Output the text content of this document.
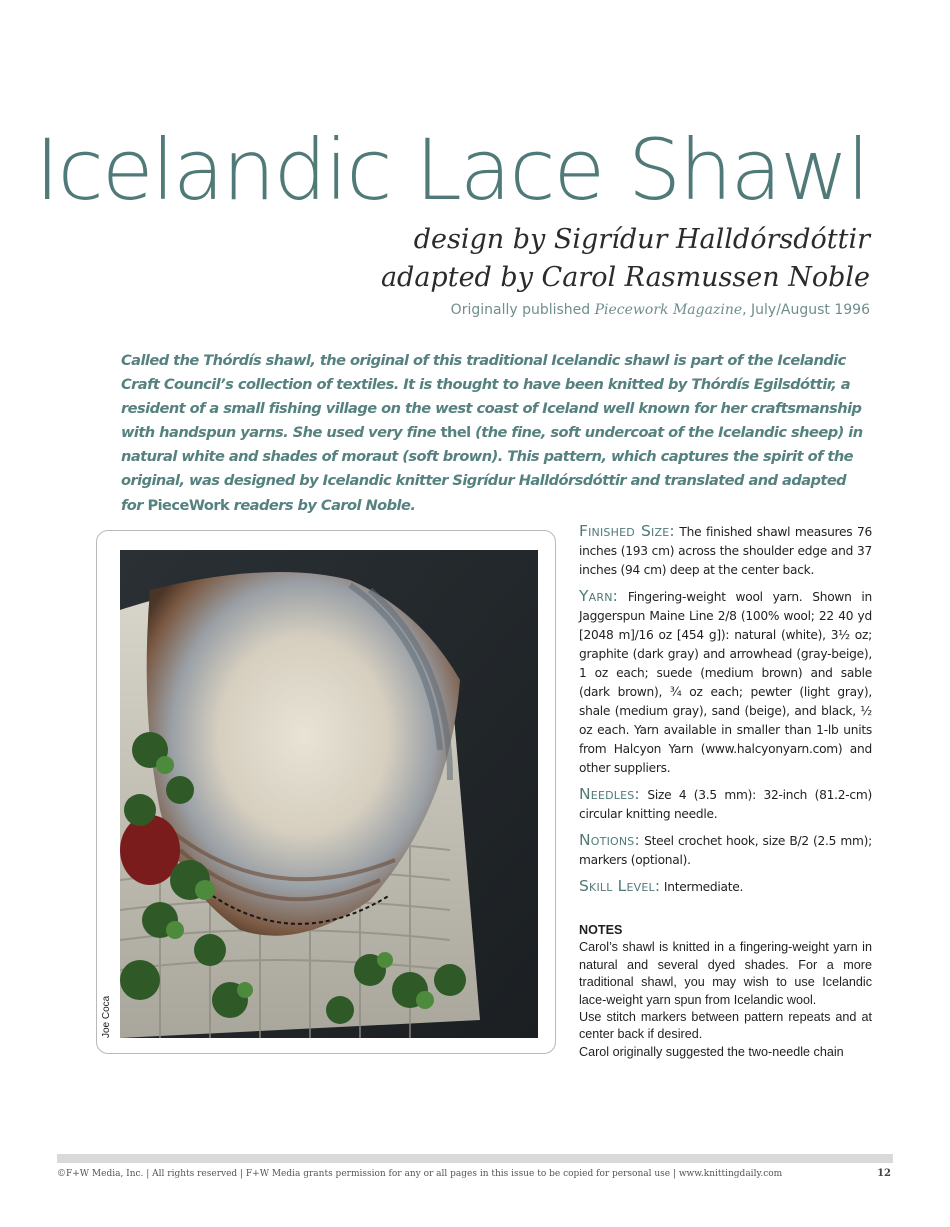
Icelandic Lace Shawl

design by Sigrídur Halldórsdóttir

adapted by Carol Rasmussen Noble

Originally published Piecework Magazine, July/August 1996

Called the Thórdís shawl, the original of this traditional Icelandic shawl is part of the Icelandic Craft Council’s collection of textiles. It is thought to have been knitted by Thórdís Egilsdóttir, a resident of a small fishing village on the west coast of Iceland well known for her craftsmanship with handspun yarns. She used very fine thel (the fine, soft undercoat of the Icelandic sheep) in natural white and shades of moraut (soft brown). This pattern, which captures the spirit of the original, was designed by Icelandic knitter Sigrídur Halldórsdóttir and translated and adapted for PieceWork readers by Carol Noble.

Joe Coca

Finished Size: The finished shawl measures 76 inches (193 cm) across the shoulder edge and 37 inches (94 cm) deep at the center back.

Yarn: Fingering-weight wool yarn. Shown in Jaggerspun Maine Line 2/8 (100% wool; 22 40 yd [2048 m]/16 oz [454 g]): natural (white), 3½ oz; graphite (dark gray) and arrowhead (gray-beige), 1 oz each; suede (medium brown) and sable (dark brown), ¾ oz each; pewter (light gray), shale (medium gray), sand (beige), and black, ½ oz each. Yarn available in smaller than 1-lb units from Halcyon Yarn (www.halcyonyarn.com) and other suppliers.

Needles: Size 4 (3.5 mm): 32-inch (81.2-cm) circular knitting needle.

Notions: Steel crochet hook, size B/2 (2.5 mm); markers (optional).

Skill Level: Intermediate.

NOTES

Carol’s shawl is knitted in a fingering-weight yarn in natural and several dyed shades. For a more traditional shawl, you may wish to use Icelandic lace-weight yarn spun from Icelandic wool.

Use stitch markers between pattern repeats and at center back if desired.

Carol originally suggested the two-needle chain

©F+W Media, Inc. | All rights reserved | F+W Media grants permission for any or all pages in this issue to be copied for personal use | www.knittingdaily.com	12
